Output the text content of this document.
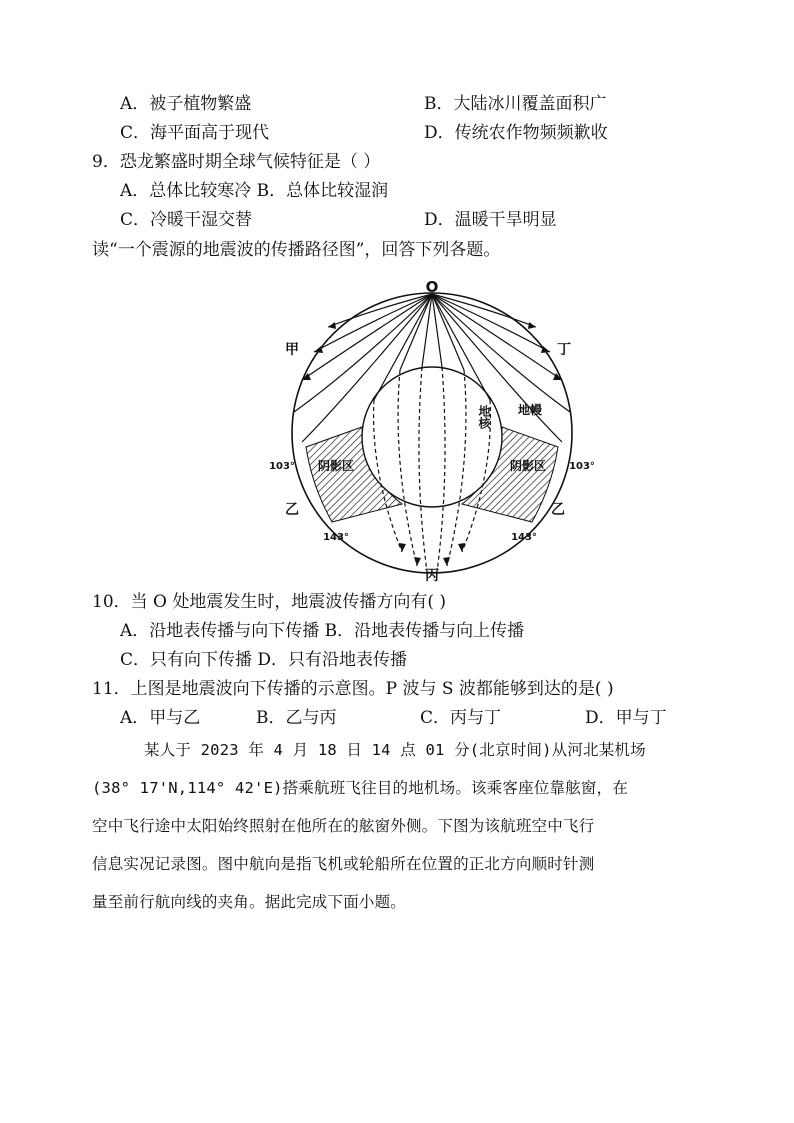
A．被子植物繁盛	B．大陆冰川覆盖面积广
C．海平面高于现代	D．传统农作物频频歉收
9．恐龙繁盛时期全球气候特征是（ ）
A．总体比较寒冷 B．总体比较湿润
C．冷暖干湿交替	D．温暖干旱明显
读“一个震源的地震波的传播路径图”，回答下列各题。
O
甲	丁
乙	乙
丙
地核 地幔
阴影区	阴影区
103°	103°
143°	143°
10．当 O 处地震发生时，地震波传播方向有( )
A．沿地表传播与向下传播 B．沿地表传播与向上传播
C．只有向下传播 D．只有沿地表传播
11．上图是地震波向下传播的示意图。P 波与 S 波都能够到达的是( )
A．甲与乙	B．乙与丙	C．丙与丁	D．甲与丁
某人于 2023 年 4 月 18 日 14 点 01 分(北京时间)从河北某机场
(38° 17'N,114° 42'E)搭乘航班飞往目的地机场。该乘客座位靠舷窗，在
空中飞行途中太阳始终照射在他所在的舷窗外侧。下图为该航班空中飞行
信息实况记录图。图中航向是指飞机或轮船所在位置的正北方向顺时针测
量至前行航向线的夹角。据此完成下面小题。
